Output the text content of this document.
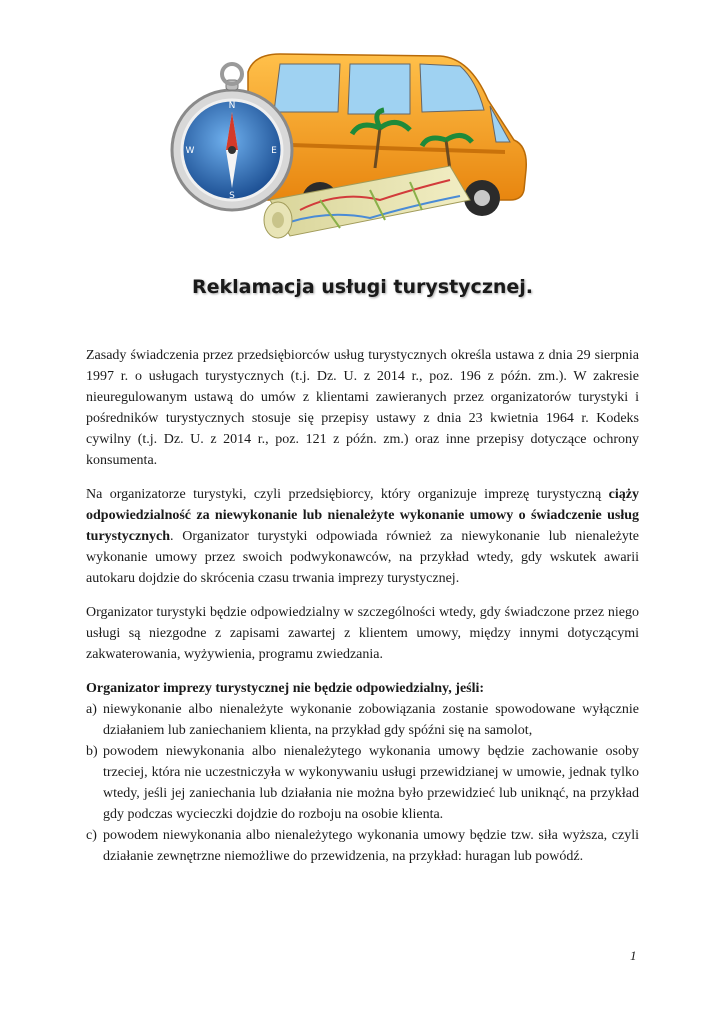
N
S
W	E
Reklamacja usługi turystycznej.

Zasady świadczenia przez przedsiębiorców usług turystycznych określa ustawa z dnia 29 sierpnia 1997 r. o usługach turystycznych (t.j. Dz. U. z 2014 r., poz. 196 z późn. zm.). W zakresie nieuregulowanym ustawą do umów z klientami zawieranych przez organizatorów turystyki i pośredników turystycznych stosuje się przepisy ustawy z dnia 23 kwietnia 1964 r. Kodeks cywilny (t.j. Dz. U. z 2014 r., poz. 121 z późn. zm.) oraz inne przepisy dotyczące ochrony konsumenta.

Na organizatorze turystyki, czyli przedsiębiorcy, który organizuje imprezę turystyczną ciąży odpowiedzialność za niewykonanie lub nienależyte wykonanie umowy o świadczenie usług turystycznych. Organizator turystyki odpowiada również za niewykonanie lub nienależyte wykonanie umowy przez swoich podwykonawców, na przykład wtedy, gdy wskutek awarii autokaru dojdzie do skrócenia czasu trwania imprezy turystycznej.

Organizator turystyki będzie odpowiedzialny w szczególności wtedy, gdy świadczone przez niego usługi są niezgodne z zapisami zawartej z klientem umowy, między innymi dotyczącymi zakwaterowania, wyżywienia, programu zwiedzania.

Organizator imprezy turystycznej nie będzie odpowiedzialny, jeśli:
a) niewykonanie albo nienależyte wykonanie zobowiązania zostanie spowodowane wyłącznie działaniem lub zaniechaniem klienta, na przykład gdy spóźni się na samolot,
b) powodem niewykonania albo nienależytego wykonania umowy będzie zachowanie osoby trzeciej, która nie uczestniczyła w wykonywaniu usługi przewidzianej w umowie, jednak tylko wtedy, jeśli jej zaniechania lub działania nie można było przewidzieć lub uniknąć, na przykład gdy podczas wycieczki dojdzie do rozboju na osobie klienta.
c) powodem niewykonania albo nienależytego wykonania umowy będzie tzw. siła wyższa, czyli działanie zewnętrzne niemożliwe do przewidzenia, na przykład: huragan lub powódź.
1
